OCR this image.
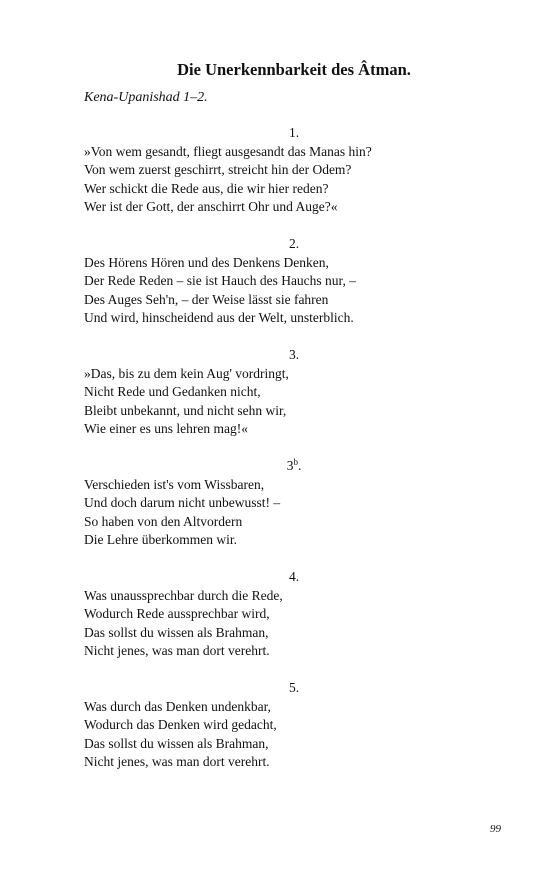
Die Unerkennbarkeit des Âtman.

Kena-Upanishad 1–2.

1.
»Von wem gesandt, fliegt ausgesandt das Manas hin?
Von wem zuerst geschirrt, streicht hin der Odem?
Wer schickt die Rede aus, die wir hier reden?
Wer ist der Gott, der anschirrt Ohr und Auge?«
2.
Des Hörens Hören und des Denkens Denken,
Der Rede Reden – sie ist Hauch des Hauchs nur, –
Des Auges Seh'n, – der Weise lässt sie fahren
Und wird, hinscheidend aus der Welt, unsterblich.
3.
»Das, bis zu dem kein Aug' vordringt,
Nicht Rede und Gedanken nicht,
Bleibt unbekannt, und nicht sehn wir,
Wie einer es uns lehren mag!«
3$^b$.
Verschieden ist's vom Wissbaren,
Und doch darum nicht unbewusst! –
So haben von den Altvordern
Die Lehre überkommen wir.
4.
Was unaussprechbar durch die Rede,
Wodurch Rede aussprechbar wird,
Das sollst du wissen als Brahman,
Nicht jenes, was man dort verehrt.
5.
Was durch das Denken undenkbar,
Wodurch das Denken wird gedacht,
Das sollst du wissen als Brahman,
Nicht jenes, was man dort verehrt.
99
